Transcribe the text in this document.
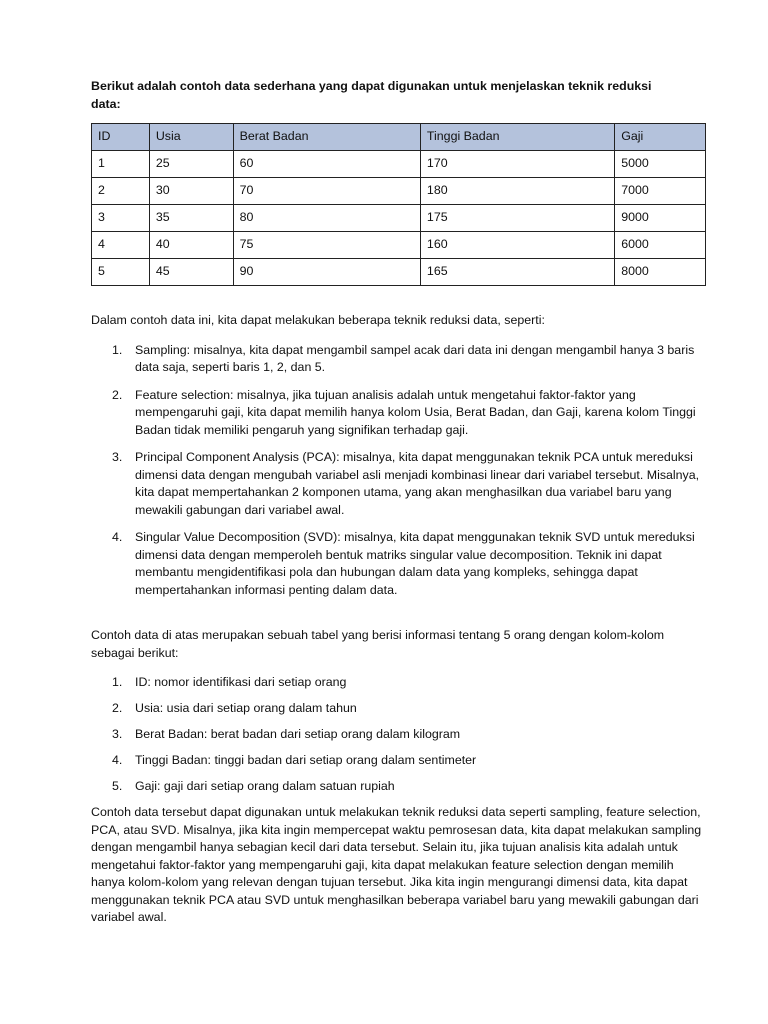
Berikut adalah contoh data sederhana yang dapat digunakan untuk menjelaskan teknik reduksi data:

ID	Usia	Berat Badan	Tinggi Badan	Gaji
1	25	60	170	5000
2	30	70	180	7000
3	35	80	175	9000
4	40	75	160	6000
5	45	90	165	8000

Dalam contoh data ini, kita dapat melakukan beberapa teknik reduksi data, seperti:

1. Sampling: misalnya, kita dapat mengambil sampel acak dari data ini dengan mengambil hanya 3 baris data saja, seperti baris 1, 2, dan 5.
2. Feature selection: misalnya, jika tujuan analisis adalah untuk mengetahui faktor-faktor yang mempengaruhi gaji, kita dapat memilih hanya kolom Usia, Berat Badan, dan Gaji, karena kolom Tinggi Badan tidak memiliki pengaruh yang signifikan terhadap gaji.
3. Principal Component Analysis (PCA): misalnya, kita dapat menggunakan teknik PCA untuk mereduksi dimensi data dengan mengubah variabel asli menjadi kombinasi linear dari variabel tersebut. Misalnya, kita dapat mempertahankan 2 komponen utama, yang akan menghasilkan dua variabel baru yang mewakili gabungan dari variabel awal.
4. Singular Value Decomposition (SVD): misalnya, kita dapat menggunakan teknik SVD untuk mereduksi dimensi data dengan memperoleh bentuk matriks singular value decomposition. Teknik ini dapat membantu mengidentifikasi pola dan hubungan dalam data yang kompleks, sehingga dapat mempertahankan informasi penting dalam data.

Contoh data di atas merupakan sebuah tabel yang berisi informasi tentang 5 orang dengan kolom-kolom sebagai berikut:

1. ID: nomor identifikasi dari setiap orang
2. Usia: usia dari setiap orang dalam tahun
3. Berat Badan: berat badan dari setiap orang dalam kilogram
4. Tinggi Badan: tinggi badan dari setiap orang dalam sentimeter
5. Gaji: gaji dari setiap orang dalam satuan rupiah

Contoh data tersebut dapat digunakan untuk melakukan teknik reduksi data seperti sampling, feature selection, PCA, atau SVD. Misalnya, jika kita ingin mempercepat waktu pemrosesan data, kita dapat melakukan sampling dengan mengambil hanya sebagian kecil dari data tersebut. Selain itu, jika tujuan analisis kita adalah untuk mengetahui faktor-faktor yang mempengaruhi gaji, kita dapat melakukan feature selection dengan memilih hanya kolom-kolom yang relevan dengan tujuan tersebut. Jika kita ingin mengurangi dimensi data, kita dapat menggunakan teknik PCA atau SVD untuk menghasilkan beberapa variabel baru yang mewakili gabungan dari variabel awal.
